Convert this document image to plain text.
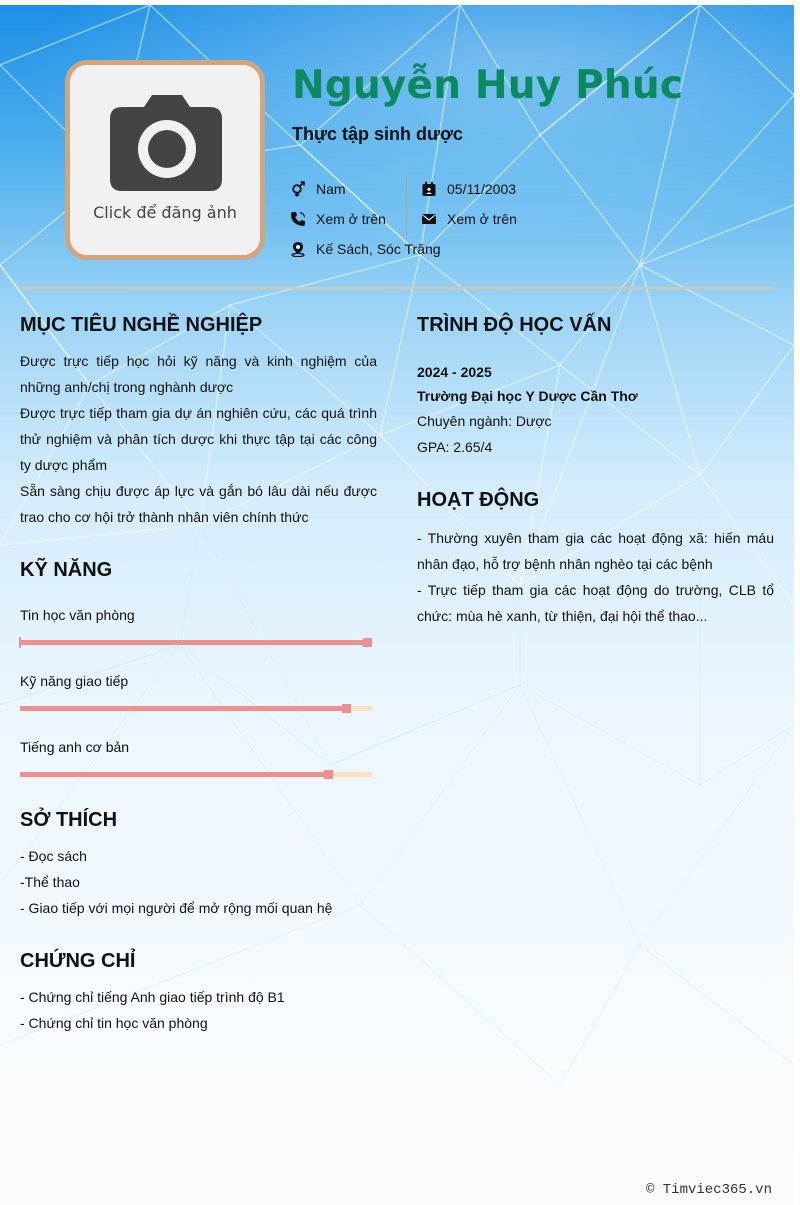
Click để đăng ảnh
Nguyễn Huy Phúc
Thực tập sinh dược
Nam
Xem ở trên
Kế Sách, Sóc Trăng
05/11/2003
Xem ở trên
MỤC TIÊU NGHỀ NGHIỆP
Được trực tiếp học hỏi kỹ năng và kinh nghiệm của những anh/chị trong nghành dược
Được trực tiếp tham gia dự án nghiên cứu, các quá trình thử nghiệm và phân tích dược khi thực tập tại các công ty dược phẩm
Sẵn sàng chịu được áp lực và gắn bó lâu dài nếu được trao cho cơ hội trở thành nhân viên chính thức
KỸ NĂNG
Tin học văn phòng
Kỹ năng giao tiếp
Tiếng anh cơ bản
SỞ THÍCH
- Đọc sách
-Thể thao
- Giao tiếp với mọi người để mở rộng mối quan hệ
CHỨNG CHỈ
- Chứng chỉ tiếng Anh giao tiếp trình độ B1
- Chứng chỉ tin học văn phòng
TRÌNH ĐỘ HỌC VẤN
2024 - 2025
Trường Đại học Y Dược Cần Thơ
Chuyên ngành: Dược
GPA: 2.65/4
HOẠT ĐỘNG
- Thường xuyên tham gia các hoạt động xã: hiến máu nhân đạo, hỗ trợ bệnh nhân nghèo tại các bệnh
- Trực tiếp tham gia các hoạt động do trường, CLB tổ chức: mùa hè xanh, từ thiện, đại hội thể thao...
© Timviec365.vn
